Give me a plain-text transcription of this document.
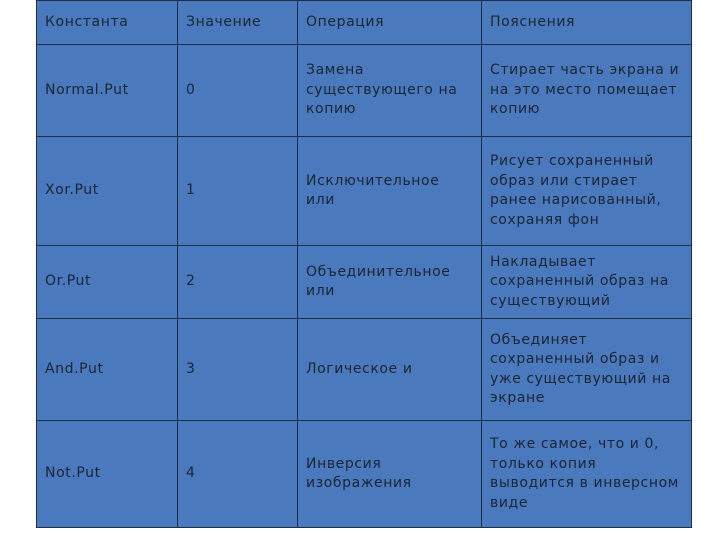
Константа	Значение	Операция	Пояснения
Normal.Put	0	Замена существующего на копию	Стирает часть экрана и на это место помещает копию
Xor.Put	1	Исключительное или	Рисует сохраненный образ или стирает ранее нарисованный, сохраняя фон
Or.Put	2	Объединительное или	Накладывает сохраненный образ на существующий
And.Put	3	Логическое и	Объединяет сохраненный образ и уже существующий на экране
Not.Put	4	Инверсия изображения	То же самое, что и 0, только копия выводится в инверсном виде
